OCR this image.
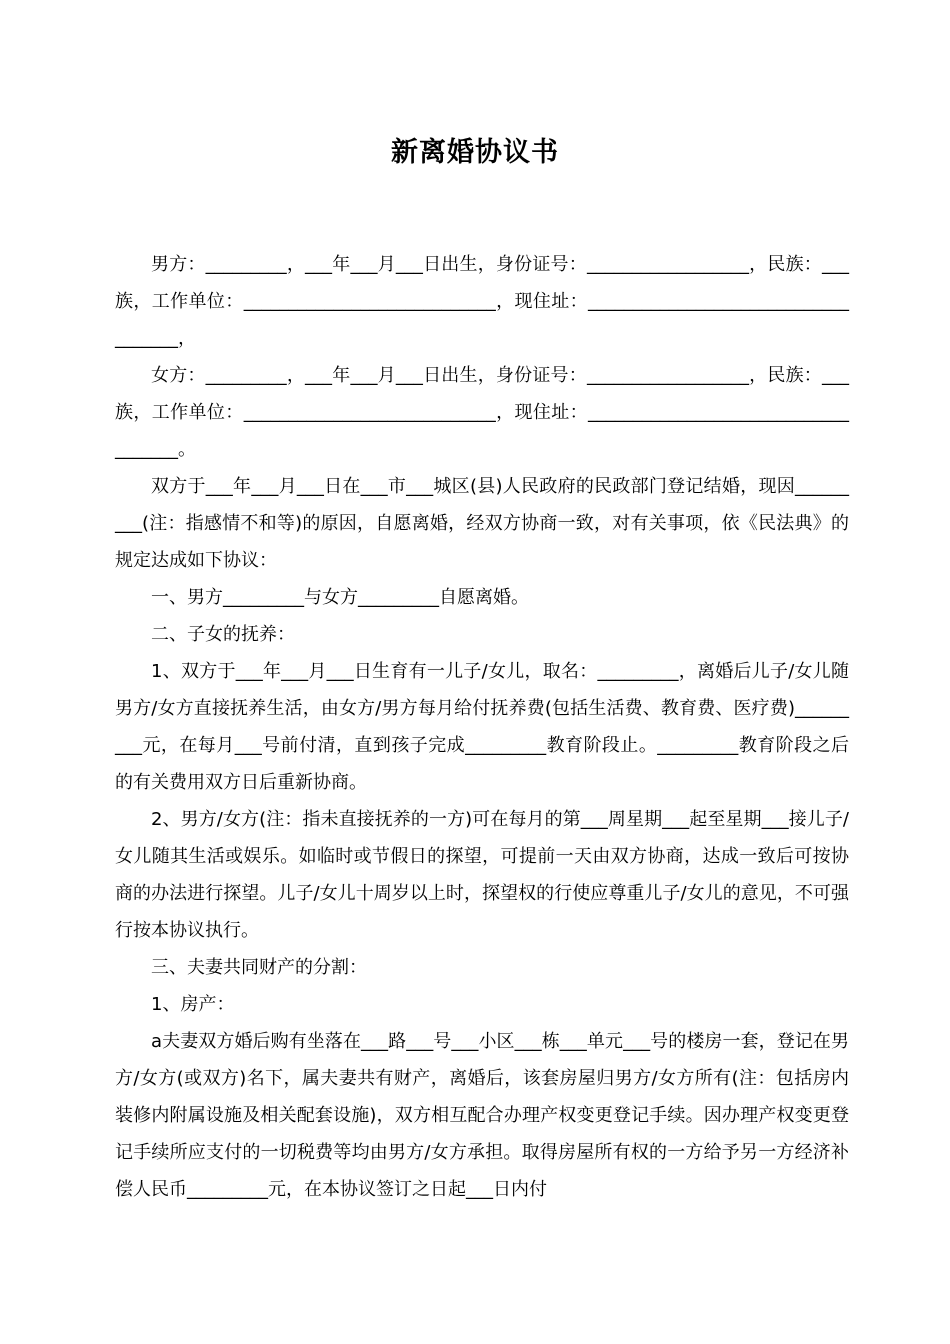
新离婚协议书

男方：_________，___年___月___日出生，身份证号：__________________，民族：___族，工作单位：____________________________，现住址：____________________________________，

女方：_________，___年___月___日出生，身份证号：__________________，民族：___族，工作单位：____________________________，现住址：____________________________________。

双方于___年___月___日在___市___城区(县)人民政府的民政部门登记结婚，现因_________(注：指感情不和等)的原因，自愿离婚，经双方协商一致，对有关事项，依《民法典》的规定达成如下协议：

一、男方_________与女方_________自愿离婚。

二、子女的抚养：

1、双方于___年___月___日生育有一儿子/女儿，取名：_________，离婚后儿子/女儿随男方/女方直接抚养生活，由女方/男方每月给付抚养费(包括生活费、教育费、医疗费)_________元，在每月___号前付清，直到孩子完成_________教育阶段止。_________教育阶段之后的有关费用双方日后重新协商。

2、男方/女方(注：指未直接抚养的一方)可在每月的第___周星期___起至星期___接儿子/女儿随其生活或娱乐。如临时或节假日的探望，可提前一天由双方协商，达成一致后可按协商的办法进行探望。儿子/女儿十周岁以上时，探望权的行使应尊重儿子/女儿的意见，不可强行按本协议执行。

三、夫妻共同财产的分割：

1、房产：

a夫妻双方婚后购有坐落在___路___号___小区___栋___单元___号的楼房一套，登记在男方/女方(或双方)名下，属夫妻共有财产，离婚后，该套房屋归男方/女方所有(注：包括房内装修内附属设施及相关配套设施)，双方相互配合办理产权变更登记手续。因办理产权变更登记手续所应支付的一切税费等均由男方/女方承担。取得房屋所有权的一方给予另一方经济补偿人民币_________元，在本协议签订之日起___日内付
